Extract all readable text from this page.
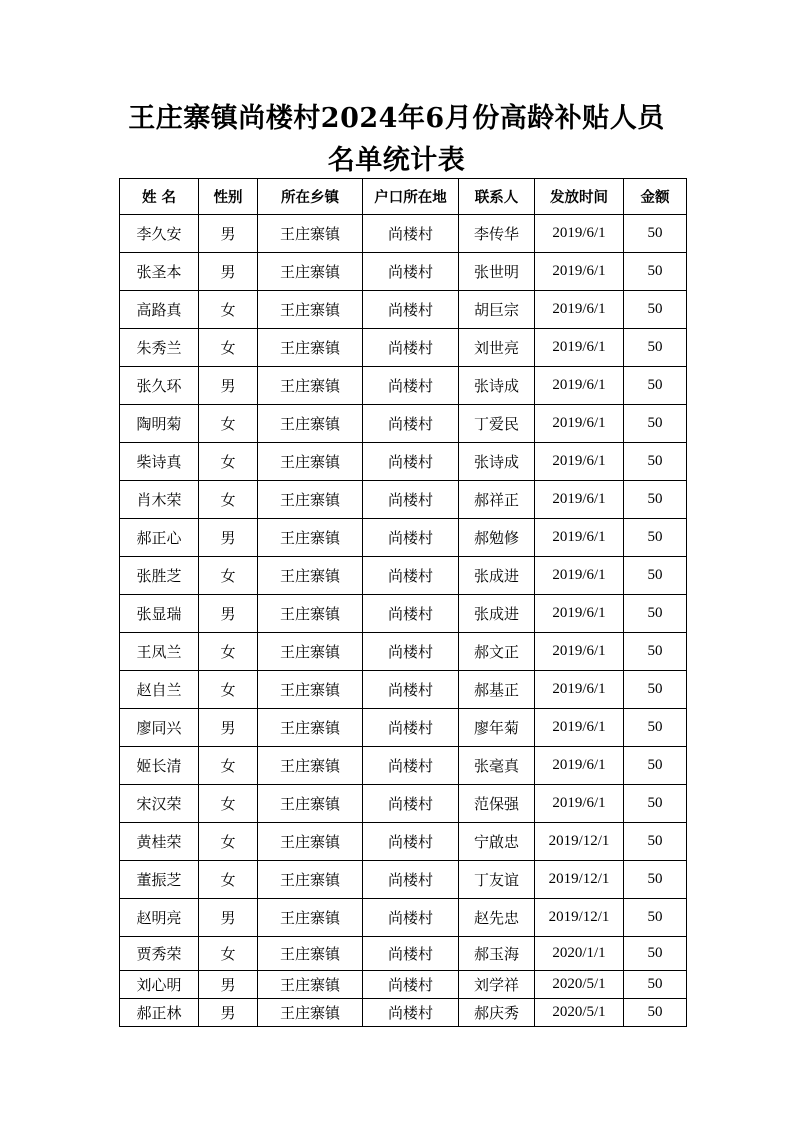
王庄寨镇尚楼村2024年6月份高龄补贴人员
名单统计表
姓 名	性别	所在乡镇	户口所在地	联系人	发放时间	金额
李久安	男	王庄寨镇	尚楼村	李传华	2019/6/1	50
张圣本	男	王庄寨镇	尚楼村	张世明	2019/6/1	50
高路真	女	王庄寨镇	尚楼村	胡巨宗	2019/6/1	50
朱秀兰	女	王庄寨镇	尚楼村	刘世亮	2019/6/1	50
张久环	男	王庄寨镇	尚楼村	张诗成	2019/6/1	50
陶明菊	女	王庄寨镇	尚楼村	丁爱民	2019/6/1	50
柴诗真	女	王庄寨镇	尚楼村	张诗成	2019/6/1	50
肖木荣	女	王庄寨镇	尚楼村	郝祥正	2019/6/1	50
郝正心	男	王庄寨镇	尚楼村	郝勉修	2019/6/1	50
张胜芝	女	王庄寨镇	尚楼村	张成进	2019/6/1	50
张显瑞	男	王庄寨镇	尚楼村	张成进	2019/6/1	50
王凤兰	女	王庄寨镇	尚楼村	郝文正	2019/6/1	50
赵自兰	女	王庄寨镇	尚楼村	郝基正	2019/6/1	50
廖同兴	男	王庄寨镇	尚楼村	廖年菊	2019/6/1	50
姬长清	女	王庄寨镇	尚楼村	张毫真	2019/6/1	50
宋汉荣	女	王庄寨镇	尚楼村	范保强	2019/6/1	50
黄桂荣	女	王庄寨镇	尚楼村	宁啟忠	2019/12/1	50
董振芝	女	王庄寨镇	尚楼村	丁友谊	2019/12/1	50
赵明亮	男	王庄寨镇	尚楼村	赵先忠	2019/12/1	50
贾秀荣	女	王庄寨镇	尚楼村	郝玉海	2020/1/1	50
刘心明	男	王庄寨镇	尚楼村	刘学祥	2020/5/1	50
郝正林	男	王庄寨镇	尚楼村	郝庆秀	2020/5/1	50
